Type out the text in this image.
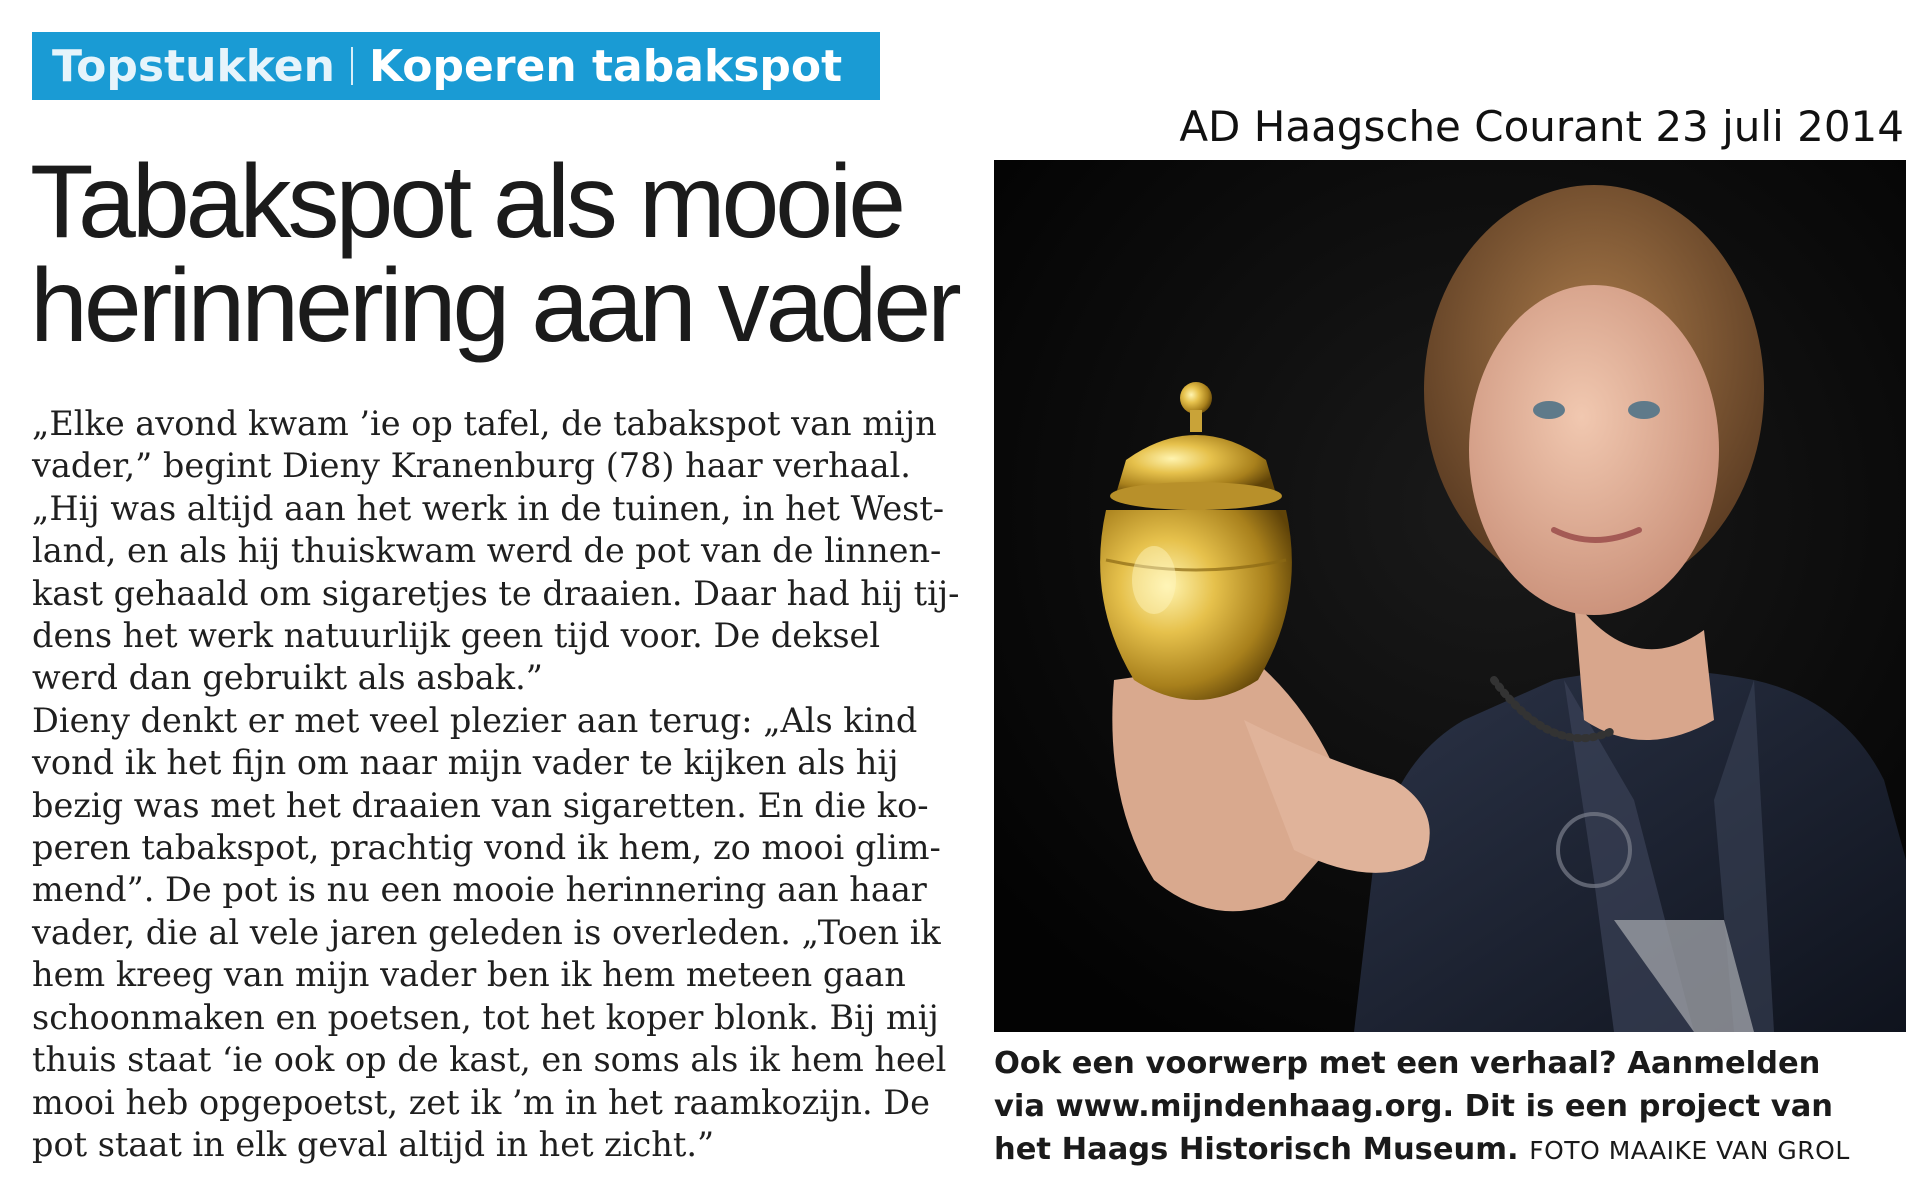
Topstukken Koperen tabakspot
AD Haagsche Courant 23 juli 2014
Tabakspot als mooie
herinnering aan vader
„Elke avond kwam ’ie op tafel, de tabakspot van mijn
vader,” begint Dieny Kranenburg (78) haar verhaal.
„Hij was altijd aan het werk in de tuinen, in het West-
land, en als hij thuiskwam werd de pot van de linnen-
kast gehaald om sigaretjes te draaien. Daar had hij tij-
dens het werk natuurlijk geen tijd voor. De deksel
werd dan gebruikt als asbak.”
Dieny denkt er met veel plezier aan terug: „Als kind
vond ik het fijn om naar mijn vader te kijken als hij
bezig was met het draaien van sigaretten. En die ko-
peren tabakspot, prachtig vond ik hem, zo mooi glim-
mend”. De pot is nu een mooie herinnering aan haar
vader, die al vele jaren geleden is overleden. „Toen ik
hem kreeg van mijn vader ben ik hem meteen gaan
schoonmaken en poetsen, tot het koper blonk. Bij mij
thuis staat ‘ie ook op de kast, en soms als ik hem heel
mooi heb opgepoetst, zet ik ’m in het raamkozijn. De
pot staat in elk geval altijd in het zicht.”
Ook een voorwerp met een verhaal? Aanmelden
via www.mijndenhaag.org. Dit is een project van
het Haags Historisch Museum. FOTO MAAIKE VAN GROL
